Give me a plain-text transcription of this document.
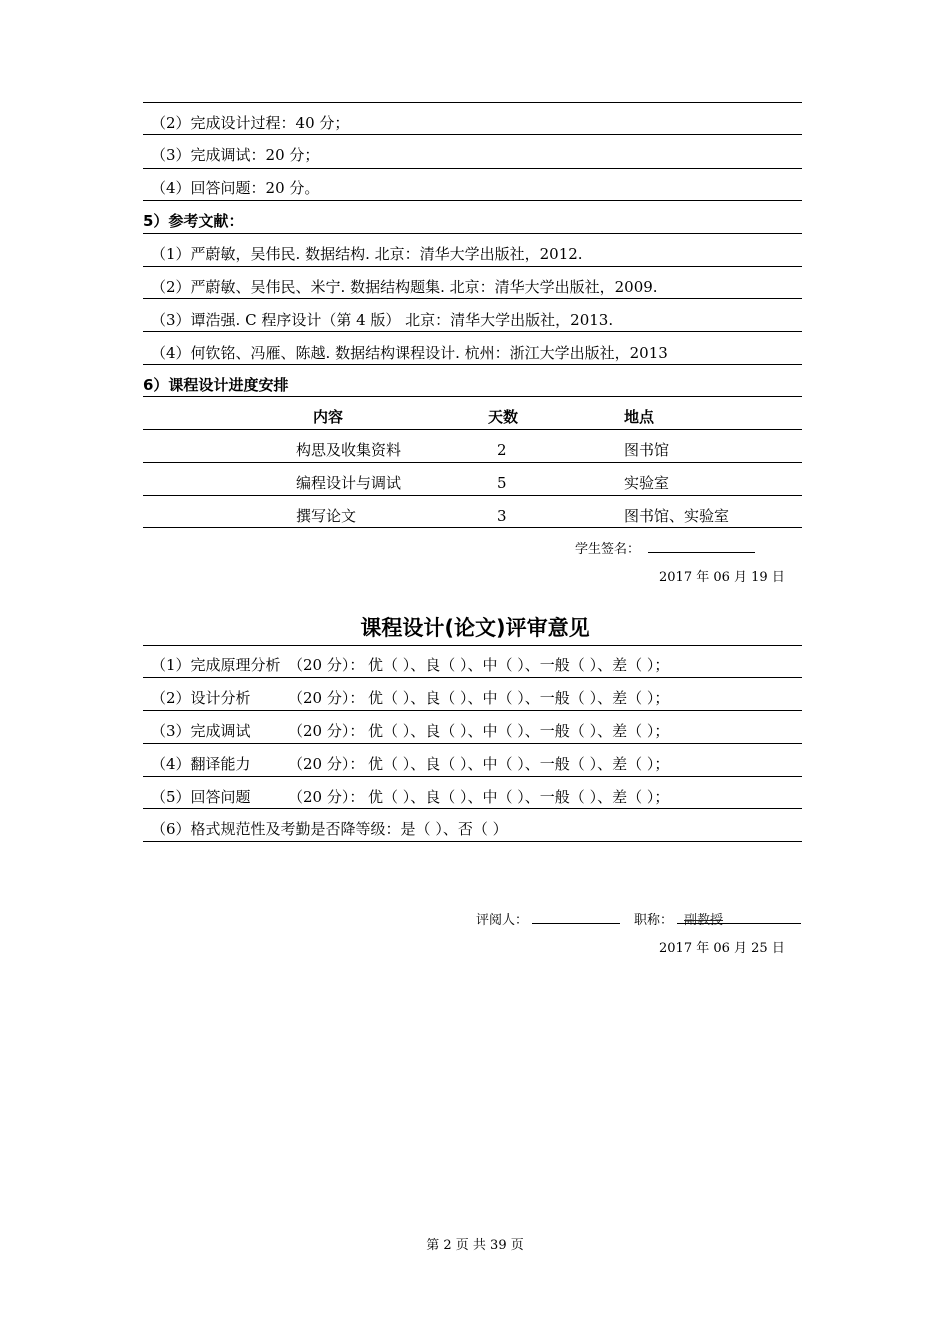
（2）完成设计过程：40 分；
（3）完成调试：20 分；
（4）回答问题：20 分。
5）参考文献：
（1）严蔚敏，吴伟民. 数据结构. 北京：清华大学出版社，2012.
（2）严蔚敏、吴伟民、米宁. 数据结构题集. 北京：清华大学出版社，2009.
（3）谭浩强. C 程序设计（第 4 版） 北京：清华大学出版社，2013.
（4）何钦铭、冯雁、陈越. 数据结构课程设计. 杭州：浙江大学出版社，2013
6）课程设计进度安排
内容	天数	地点
构思及收集资料	2	图书馆
编程设计与调试	5	实验室
撰写论文	3	图书馆、实验室
学生签名：
2017 年 06 月 19 日
课程设计(论文)评审意见
（1）完成原理分析 （20 分）： 优（ ）、良（ ）、中（ ）、一般（ ）、差（ ）；
（2）设计分析 （20 分）： 优（ ）、良（ ）、中（ ）、一般（ ）、差（ ）；
（3）完成调试 （20 分）： 优（ ）、良（ ）、中（ ）、一般（ ）、差（ ）；
（4）翻译能力 （20 分）： 优（ ）、良（ ）、中（ ）、一般（ ）、差（ ）；
（5）回答问题 （20 分）： 优（ ）、良（ ）、中（ ）、一般（ ）、差（ ）；
（6）格式规范性及考勤是否降等级：是（ ）、否（ ）
评阅人：	职称： 副教授
2017 年 06 月 25 日
第 2 页 共 39 页
